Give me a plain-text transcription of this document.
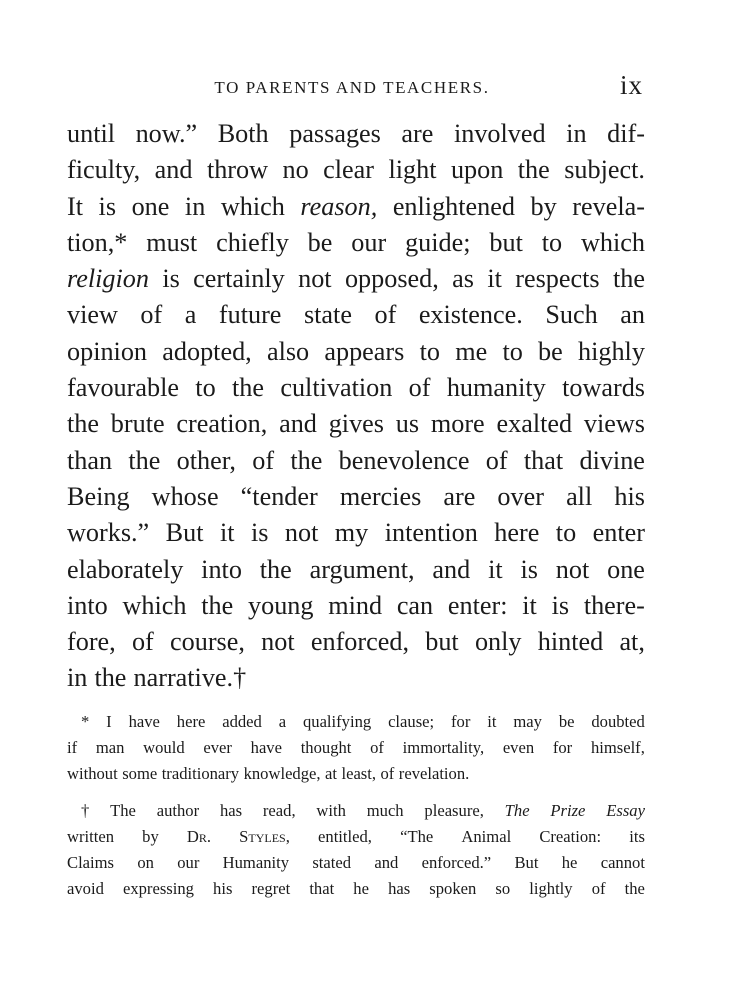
TO PARENTS AND TEACHERS.	ix
until now.” Both passages are involved in dif-
ficulty, and throw no clear light upon the subject.
It is one in which reason, enlightened by revela-
tion,* must chiefly be our guide; but to which
religion is certainly not opposed, as it respects the
view of a future state of existence. Such an
opinion adopted, also appears to me to be highly
favourable to the cultivation of humanity towards
the brute creation, and gives us more exalted views
than the other, of the benevolence of that divine
Being whose “tender mercies are over all his
works.” But it is not my intention here to enter
elaborately into the argument, and it is not one
into which the young mind can enter: it is there-
fore, of course, not enforced, but only hinted at,
in the narrative.†
* I have here added a qualifying clause; for it may be doubted
if man would ever have thought of immortality, even for himself,
without some traditionary knowledge, at least, of revelation.
† The author has read, with much pleasure, The Prize Essay
written by Dr. Styles, entitled, “The Animal Creation: its
Claims on our Humanity stated and enforced.” But he cannot
avoid expressing his regret that he has spoken so lightly of the
